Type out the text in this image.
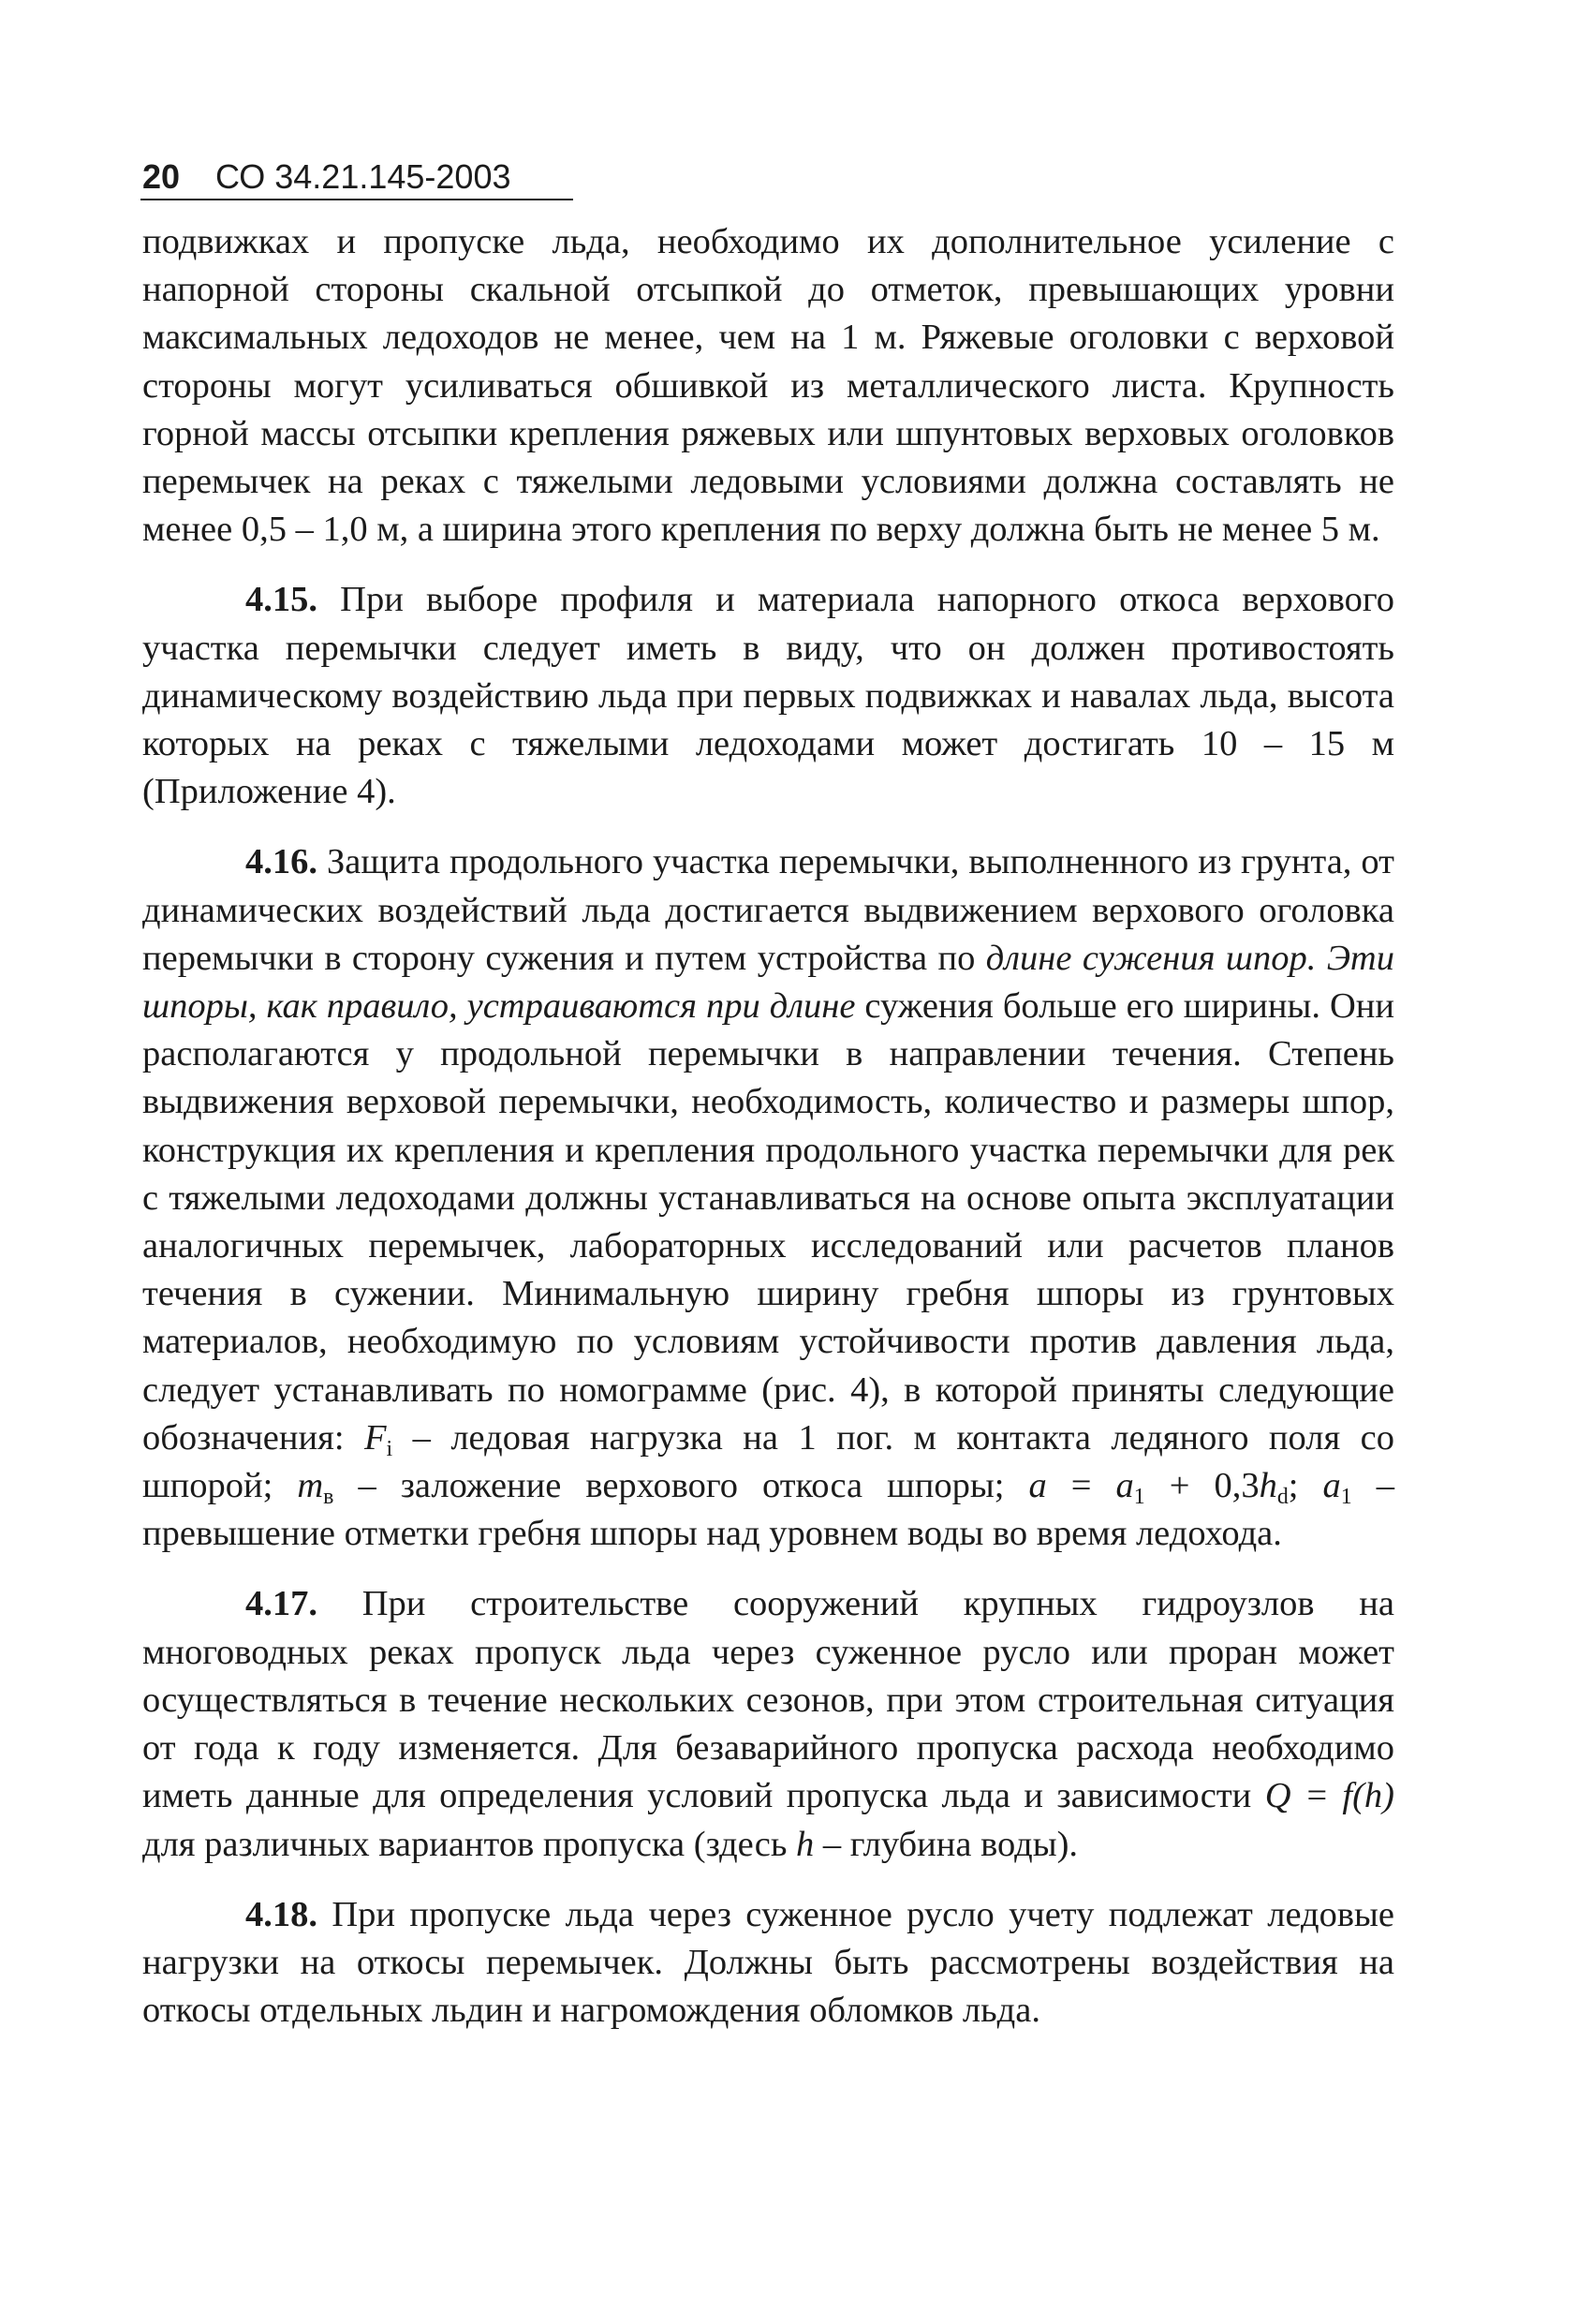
20 СО 34.21.145-2003

подвижках и пропуске льда, необходимо их дополнительное усиление с напорной стороны скальной отсыпкой до отметок, превышающих уровни максимальных ледоходов не менее, чем на 1 м. Ряжевые оголовки с верховой стороны могут усиливаться обшивкой из металлического листа. Крупность горной массы отсыпки крепления ряжевых или шпунтовых верховых оголовков перемычек на реках с тяжелыми ледовыми условиями должна составлять не менее 0,5 – 1,0 м, а ширина этого крепления по верху должна быть не менее 5 м.

4.15. При выборе профиля и материала напорного откоса верхового участка перемычки следует иметь в виду, что он должен противостоять динамическому воздействию льда при первых подвижках и навалах льда, высота которых на реках с тяжелыми ледоходами может достигать 10 – 15 м (Приложение 4).

4.16. Защита продольного участка перемычки, выполненного из грунта, от динамических воздействий льда достигается выдвижением верхового оголовка перемычки в сторону сужения и путем устройства по длине сужения шпор. Эти шпоры, как правило, устраиваются при длине сужения больше его ширины. Они располагаются у продольной перемычки в направлении течения. Степень выдвижения верховой перемычки, необходимость, количество и размеры шпор, конструкция их крепления и крепления продольного участка перемычки для рек с тяжелыми ледоходами должны устанавливаться на основе опыта эксплуатации аналогичных перемычек, лабораторных исследований или расчетов планов течения в сужении. Минимальную ширину гребня шпоры из грунтовых материалов, необходимую по условиям устойчивости против давления льда, следует устанавливать по номограмме (рис. 4), в которой приняты следующие обозначения: $F_i$ – ледовая нагрузка на 1 пог. м контакта ледяного поля со шпорой; $m_в$ – заложение верхового откоса шпоры; $a = a_1 + 0,3h_d$; $a_1$ – превышение отметки гребня шпоры над уровнем воды во время ледохода.

4.17. При строительстве сооружений крупных гидроузлов на многоводных реках пропуск льда через суженное русло или проран может осуществляться в течение нескольких сезонов, при этом строительная ситуация от года к году изменяется. Для безаварийного пропуска расхода необходимо иметь данные для определения условий пропуска льда и зависимости Q = f(h) для различных вариантов пропуска (здесь h – глубина воды).

4.18. При пропуске льда через суженное русло учету подлежат ледовые нагрузки на откосы перемычек. Должны быть рассмотрены воздействия на откосы отдельных льдин и нагромождения обломков льда.
